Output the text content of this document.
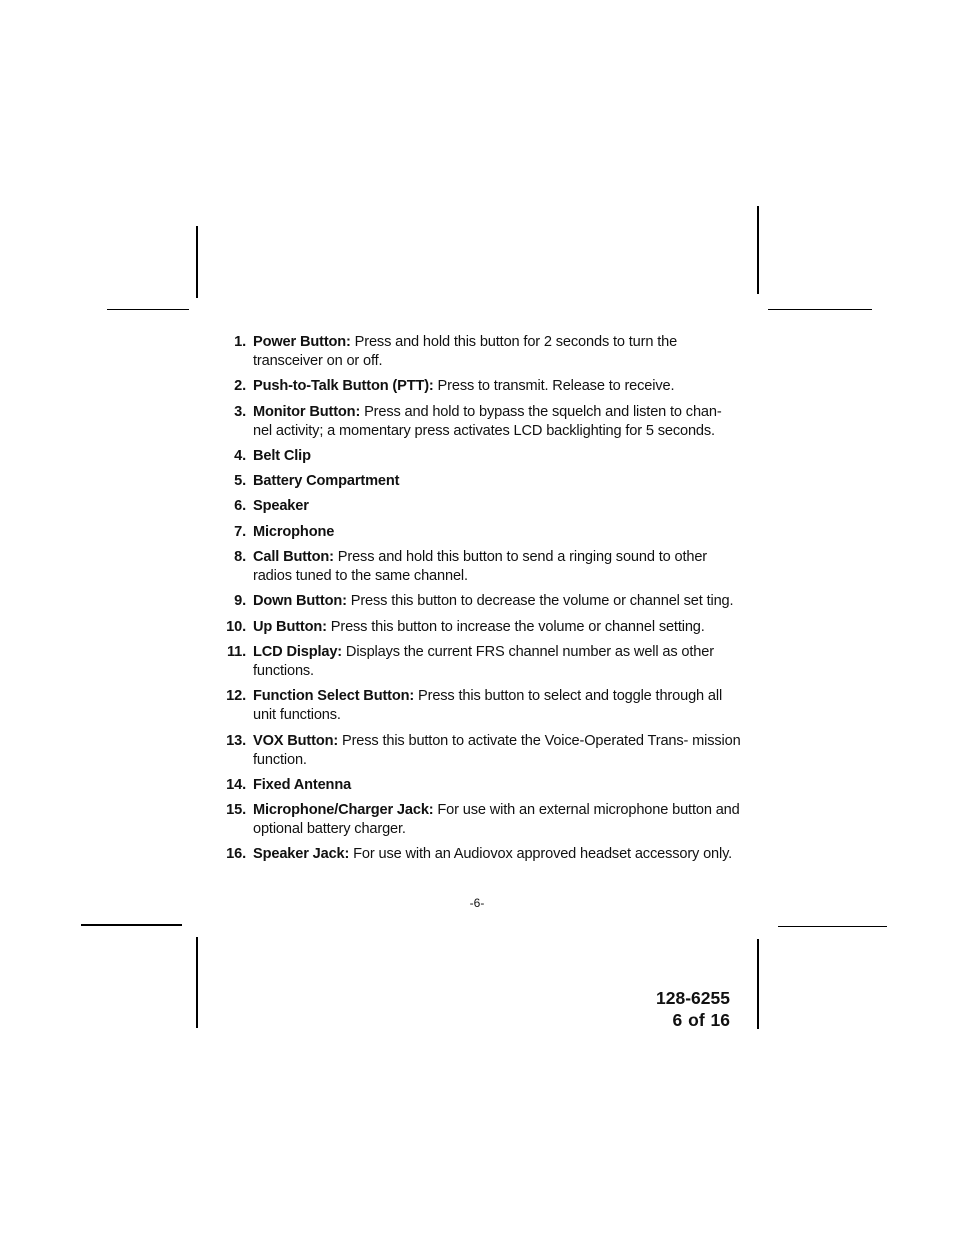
1. Power Button: Press and hold this button for 2 seconds to turn the transceiver on or off.
2. Push-to-Talk Button (PTT): Press to transmit. Release to receive.
3. Monitor Button: Press and hold to bypass the squelch and listen to chan- nel activity; a momentary press activates LCD backlighting for 5 seconds.
4. Belt Clip
5. Battery Compartment
6. Speaker
7. Microphone
8. Call Button: Press and hold this button to send a ringing sound to other radios tuned to the same channel.
9. Down Button: Press this button to decrease the volume or channel set ting.
10. Up Button: Press this button to increase the volume or channel setting.
11. LCD Display: Displays the current FRS channel number as well as other functions.
12. Function Select Button: Press this button to select and toggle through all unit functions.
13. VOX Button: Press this button to activate the Voice-Operated Trans- mission function.
14. Fixed Antenna
15. Microphone/Charger Jack: For use with an external microphone button and optional battery charger.
16. Speaker Jack: For use with an Audiovox approved headset accessory only.
-6-
128-6255
6 of 16
